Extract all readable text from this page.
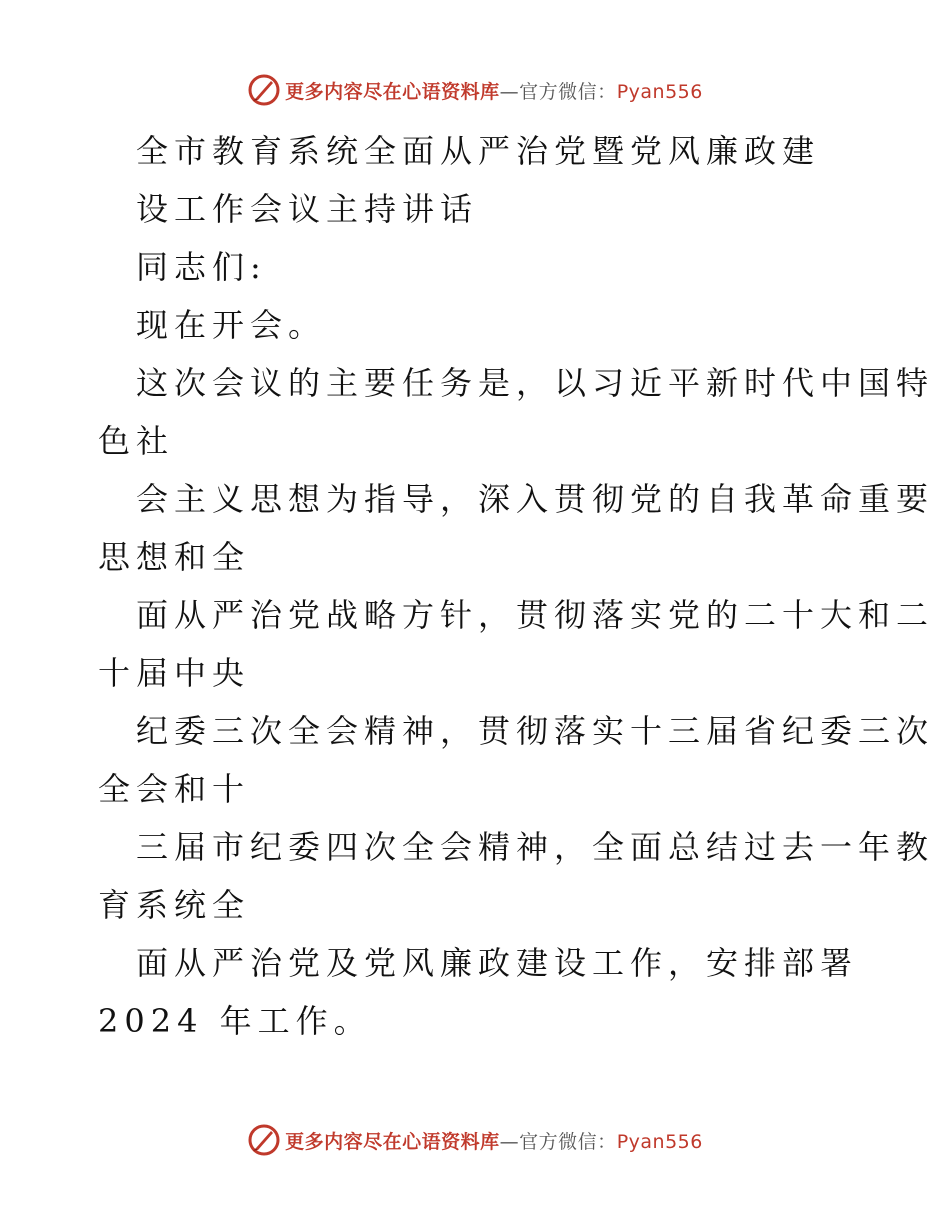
更多内容尽在心语资料库—官方微信：Pyan556
全市教育系统全面从严治党暨党风廉政建
设工作会议主持讲话
同志们:
现在开会。
这次会议的主要任务是，以习近平新时代中国特
色社
会主义思想为指导，深入贯彻党的自我革命重要
思想和全
面从严治党战略方针，贯彻落实党的二十大和二
十届中央
纪委三次全会精神，贯彻落实十三届省纪委三次
全会和十
三届市纪委四次全会精神，全面总结过去一年教
育系统全
面从严治党及党风廉政建设工作，安排部署
2024 年工作。
更多内容尽在心语资料库—官方微信：Pyan556
